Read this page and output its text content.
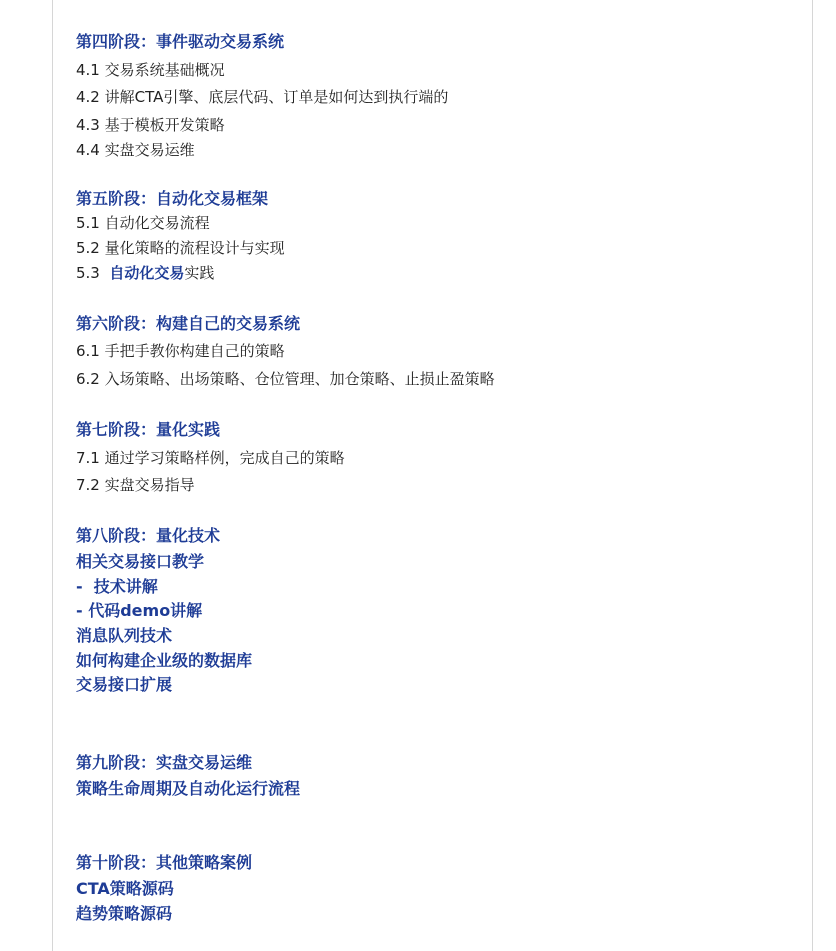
第四阶段：事件驱动交易系统
4.1 交易系统基础概况
4.2 讲解CTA引擎、底层代码、订单是如何达到执行端的
4.3 基于模板开发策略
4.4 实盘交易运维
第五阶段：自动化交易框架
5.1 自动化交易流程
5.2 量化策略的流程设计与实现
5.3  自动化交易实践
第六阶段：构建自己的交易系统
6.1 手把手教你构建自己的策略
6.2 入场策略、出场策略、仓位管理、加仓策略、止损止盈策略
第七阶段：量化实践
7.1 通过学习策略样例，完成自己的策略
7.2 实盘交易指导
第八阶段：量化技术
相关交易接口教学
-  技术讲解
- 代码demo讲解
消息队列技术
如何构建企业级的数据库
交易接口扩展
第九阶段：实盘交易运维
策略生命周期及自动化运行流程
第十阶段：其他策略案例
CTA策略源码
趋势策略源码
